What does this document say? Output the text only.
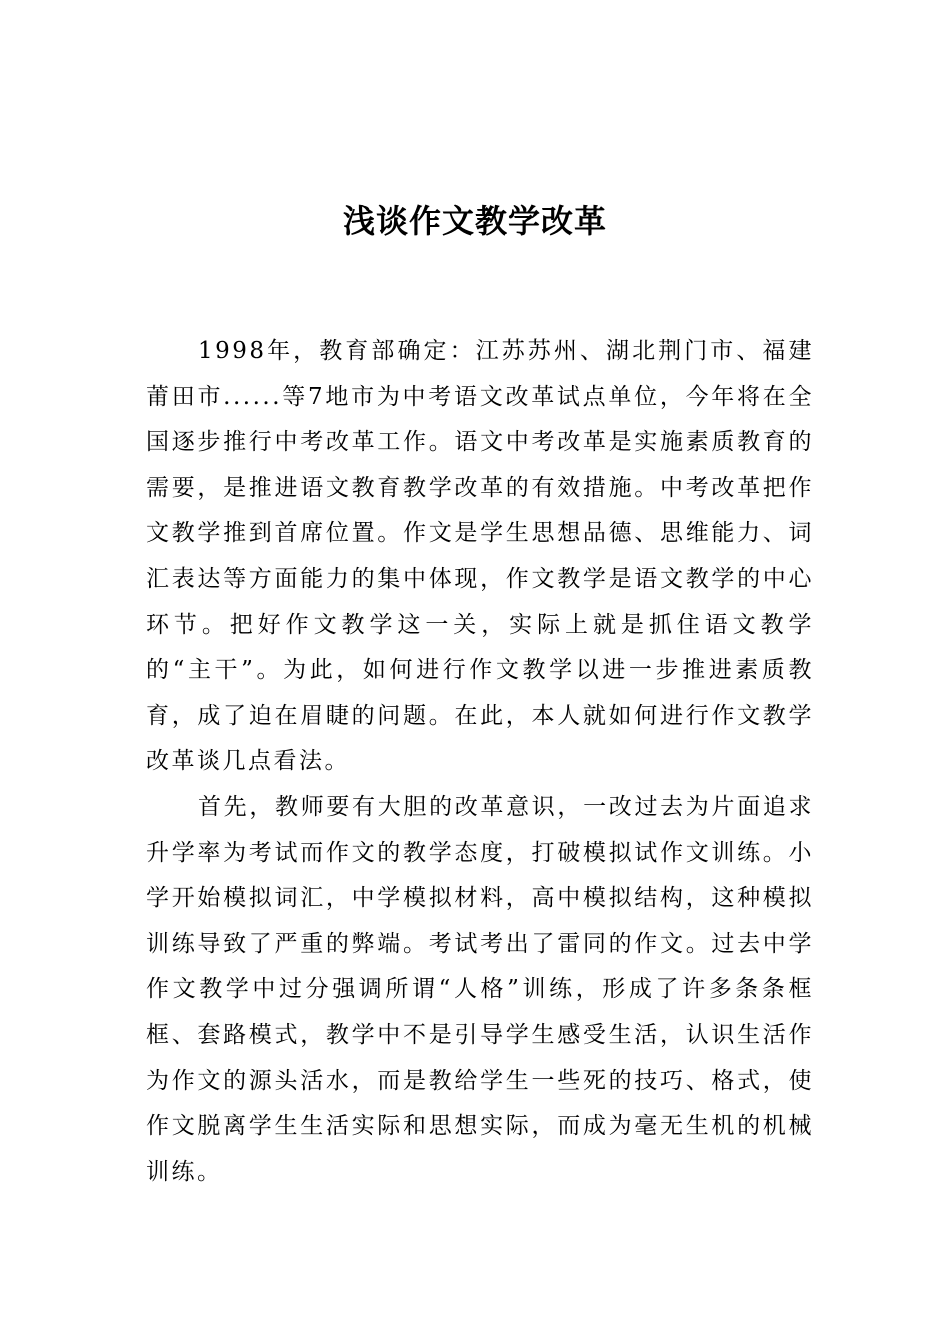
浅谈作文教学改革

1998年，教育部确定：江苏苏州、湖北荆门市、福建莆田市......等7地市为中考语文改革试点单位，今年将在全国逐步推行中考改革工作。语文中考改革是实施素质教育的需要，是推进语文教育教学改革的有效措施。中考改革把作文教学推到首席位置。作文是学生思想品德、思维能力、词汇表达等方面能力的集中体现，作文教学是语文教学的中心环节。把好作文教学这一关，实际上就是抓住语文教学的“主干”。为此，如何进行作文教学以进一步推进素质教育，成了迫在眉睫的问题。在此，本人就如何进行作文教学改革谈几点看法。

首先，教师要有大胆的改革意识，一改过去为片面追求升学率为考试而作文的教学态度，打破模拟试作文训练。小学开始模拟词汇，中学模拟材料，高中模拟结构，这种模拟训练导致了严重的弊端。考试考出了雷同的作文。过去中学作文教学中过分强调所谓“人格”训练，形成了许多条条框框、套路模式，教学中不是引导学生感受生活，认识生活作为作文的源头活水，而是教给学生一些死的技巧、格式，使作文脱离学生生活实际和思想实际，而成为毫无生机的机械训练。
